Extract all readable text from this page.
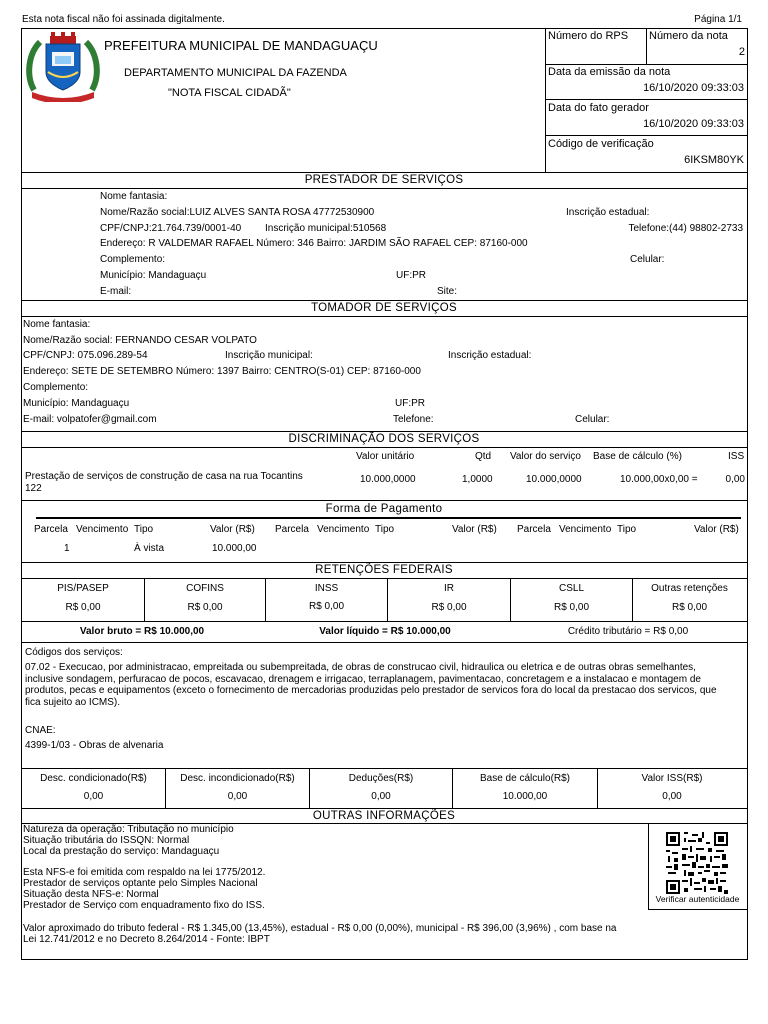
Esta nota fiscal não foi assinada digitalmente.	Página 1/1
PREFEITURA MUNICIPAL DE MANDAGUAÇU
DEPARTAMENTO MUNICIPAL DA FAZENDA
"NOTA FISCAL CIDADÃ"
Número do RPS Número da nota
2
Data da emissão da nota
16/10/2020 09:33:03
Data do fato gerador
16/10/2020 09:33:03
Código de verificação
6IKSM80YK
PRESTADOR DE SERVIÇOS
Nome fantasia:
Nome/Razão social:LUIZ ALVES SANTA ROSA 47772530900	Inscrição estadual:
CPF/CNPJ:21.764.739/0001-40 Inscrição municipal:510568	Telefone:(44) 98802-2733
Endereço: R VALDEMAR RAFAEL Número: 346 Bairro: JARDIM SÃO RAFAEL CEP: 87160-000
Complemento:	Celular:
Município: Mandaguaçu	UF:PR
E-mail:	Site:
TOMADOR DE SERVIÇOS
Nome fantasia:
Nome/Razão social: FERNANDO CESAR VOLPATO
CPF/CNPJ: 075.096.289-54	Inscrição municipal:	Inscrição estadual:
Endereço: SETE DE SETEMBRO Número: 1397 Bairro: CENTRO(S-01) CEP: 87160-000
Complemento:
Município: Mandaguaçu	UF:PR
E-mail: volpatofer@gmail.com	Telefone:	Celular:
DISCRIMINAÇÃO DOS SERVIÇOS
Valor unitário	Qtd Valor do serviço Base de cálculo (%)	ISS
Prestação de serviços de construção de casa na rua Tocantins
122
10.000,0000	1,0000	10.000,0000	10.000,00x0,00 =	0,00
Forma de Pagamento
Parcela Vencimento Tipo	Valor (R$) Parcela Vencimento Tipo	Valor (R$) Parcela Vencimento Tipo	Valor (R$)
1	À vista	10.000,00
RETENÇÕES FEDERAIS
PIS/PASEP	COFINS	INSS	IR	CSLL	Outras retenções
R$ 0,00	R$ 0,00	R$ 0,00	R$ 0,00	R$ 0,00	R$ 0,00
Valor bruto = R$ 10.000,00	Valor líquido = R$ 10.000,00	Crédito tributário = R$ 0,00
Códigos dos serviços:
07.02 - Execucao, por administracao, empreitada ou subempreitada, de obras de construcao civil, hidraulica ou eletrica e de outras obras semelhantes, inclusive sondagem, perfuracao de pocos, escavacao, drenagem e irrigacao, terraplanagem, pavimentacao, concretagem e a instalacao e montagem de produtos, pecas e equipamentos (exceto o fornecimento de mercadorias produzidas pelo prestador de servicos fora do local da prestacao dos servicos, que fica sujeito ao ICMS).
CNAE:
4399-1/03 - Obras de alvenaria
Desc. condicionado(R$)	Desc. incondicionado(R$)	Deduções(R$)	Base de cálculo(R$)	Valor ISS(R$)
0,00	0,00	0,00	10.000,00	0,00
OUTRAS INFORMAÇÕES
Natureza da operação: Tributação no município
Situação tributária do ISSQN: Normal
Local da prestação do serviço: Mandaguaçu
Esta NFS-e foi emitida com respaldo na lei 1775/2012.
Prestador de serviços optante pelo Simples Nacional
Situação desta NFS-e: Normal
Prestador de Serviço com enquadramento fixo do ISS.
Valor aproximado do tributo federal - R$ 1.345,00 (13,45%), estadual - R$ 0,00 (0,00%), municipal - R$ 396,00 (3,96%) , com base na
Lei 12.741/2012 e no Decreto 8.264/2014 - Fonte: IBPT
Verificar autenticidade
